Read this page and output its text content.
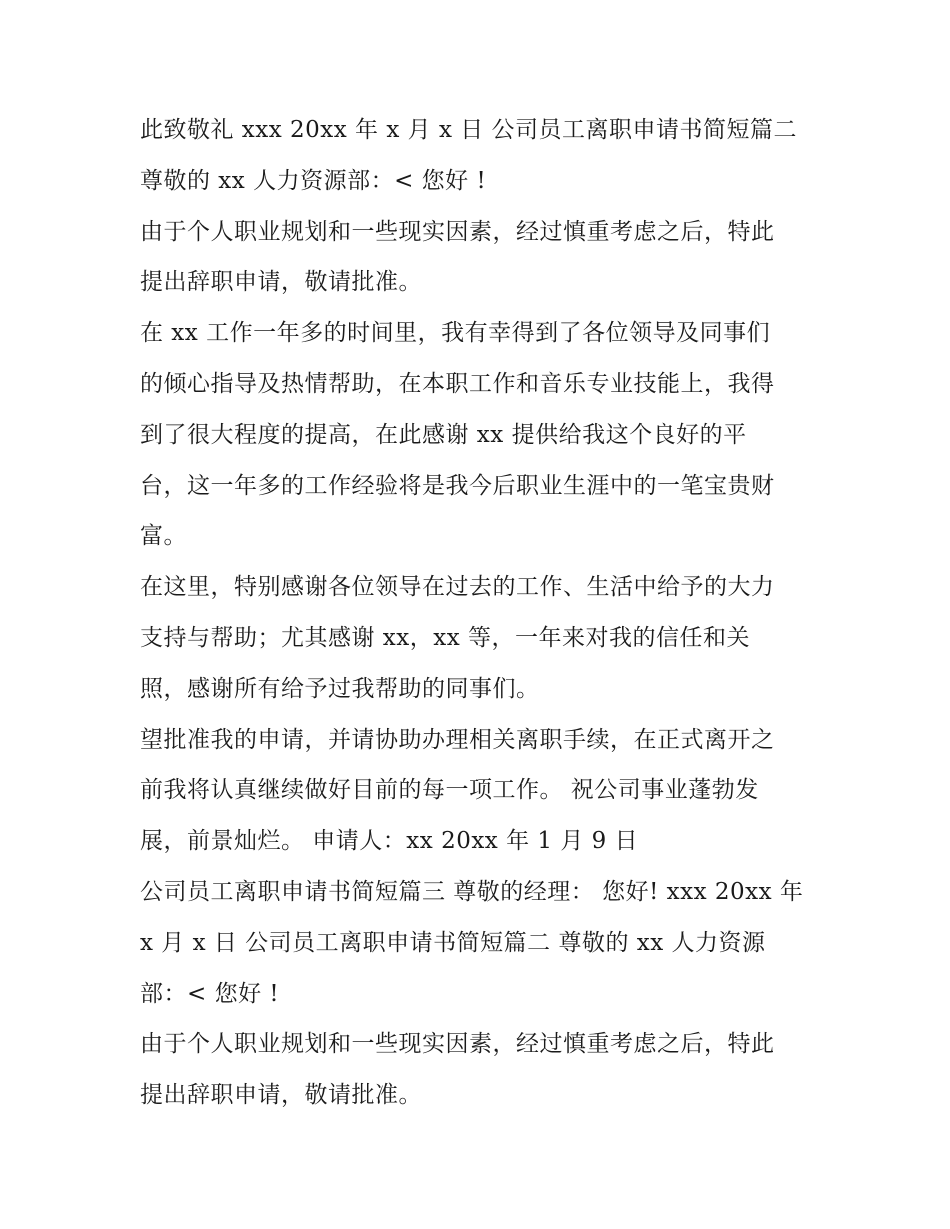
此致敬礼 xxx 20xx 年 x 月 x 日 公司员工离职申请书简短篇二
尊敬的 xx 人力资源部：< 您好 !
由于个人职业规划和一些现实因素，经过慎重考虑之后，特此
提出辞职申请，敬请批准。
在 xx 工作一年多的时间里，我有幸得到了各位领导及同事们
的倾心指导及热情帮助，在本职工作和音乐专业技能上，我得
到了很大程度的提高，在此感谢 xx 提供给我这个良好的平
台，这一年多的工作经验将是我今后职业生涯中的一笔宝贵财
富。
在这里，特别感谢各位领导在过去的工作、生活中给予的大力
支持与帮助；尤其感谢 xx，xx 等，一年来对我的信任和关
照，感谢所有给予过我帮助的同事们。
望批准我的申请，并请协助办理相关离职手续，在正式离开之
前我将认真继续做好目前的每一项工作。 祝公司事业蓬勃发
展，前景灿烂。 申请人：xx 20xx 年 1 月 9 日
公司员工离职申请书简短篇三 尊敬的经理： 您好! xxx 20xx 年
x 月 x 日 公司员工离职申请书简短篇二 尊敬的 xx 人力资源
部：< 您好 !
由于个人职业规划和一些现实因素，经过慎重考虑之后，特此
提出辞职申请，敬请批准。
